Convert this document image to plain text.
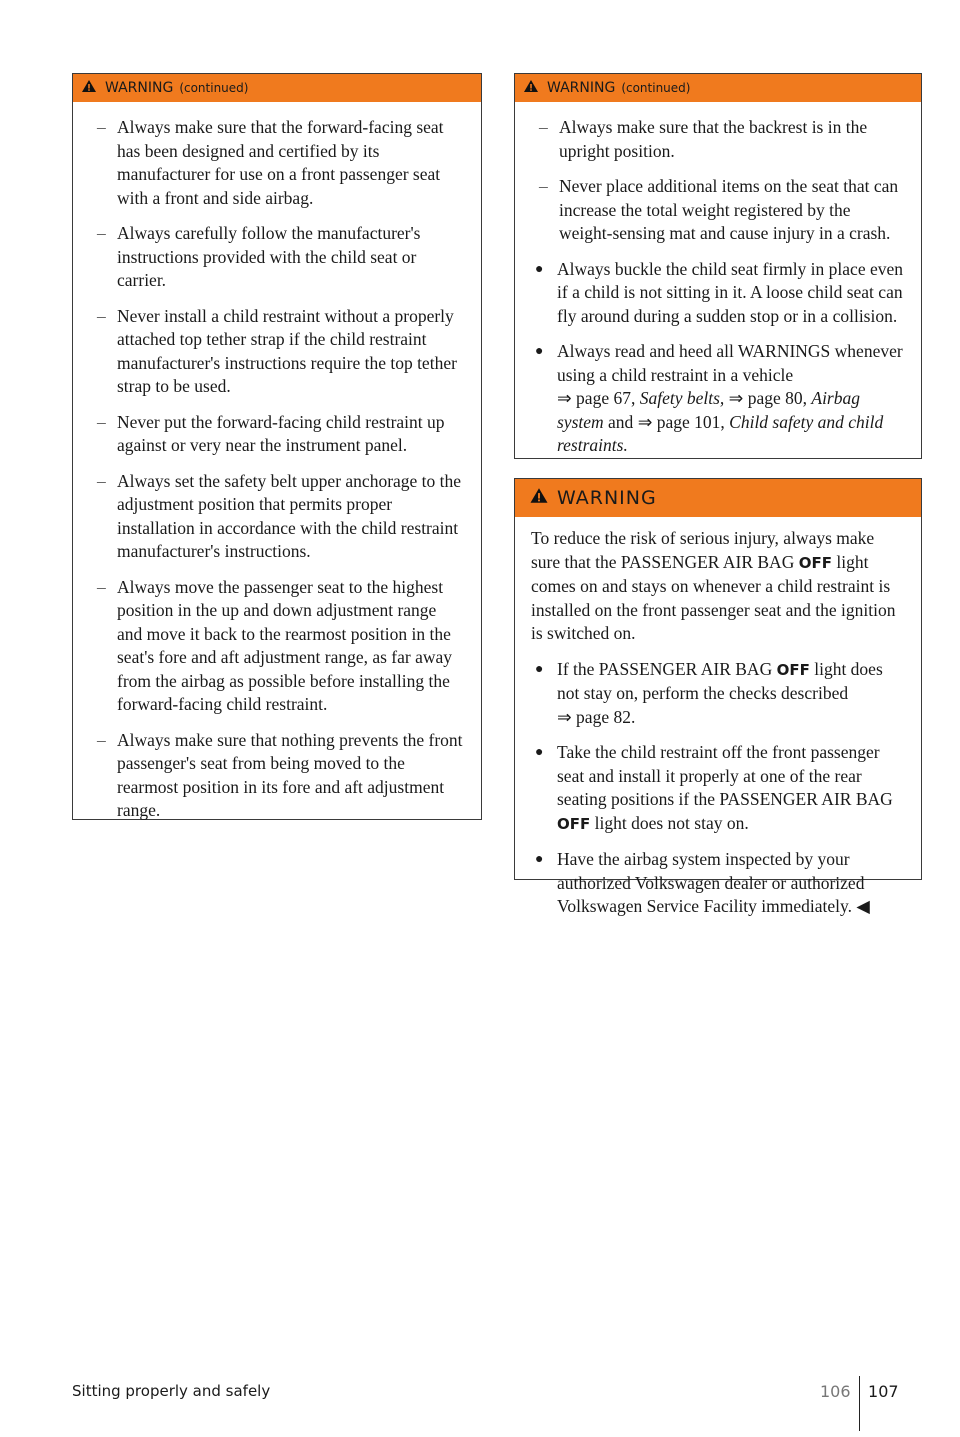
WARNING (continued)

– Always make sure that the forward-facing seat has been designed and certified by its manufacturer for use on a front passenger seat with a front and side airbag.

– Always carefully follow the manufacturer's instructions provided with the child seat or carrier.

– Never install a child restraint without a properly attached top tether strap if the child restraint manufacturer's instructions require the top tether strap to be used.

– Never put the forward-facing child restraint up against or very near the instrument panel.

– Always set the safety belt upper anchorage to the adjustment position that permits proper installation in accordance with the child restraint manufacturer's instructions.

– Always move the passenger seat to the highest position in the up and down adjustment range and move it back to the rearmost position in the seat's fore and aft adjustment range, as far away from the airbag as possible before installing the forward-facing child restraint.

– Always make sure that nothing prevents the front passenger's seat from being moved to the rearmost position in its fore and aft adjustment range.

WARNING (continued)

– Always make sure that the backrest is in the upright position.

– Never place additional items on the seat that can increase the total weight registered by the weight-sensing mat and cause injury in a crash.

● Always buckle the child seat firmly in place even if a child is not sitting in it. A loose child seat can fly around during a sudden stop or in a collision.

● Always read and heed all WARNINGS whenever using a child restraint in a vehicle
⇒ page 67, Safety belts, ⇒ page 80, Airbag system and ⇒ page 101, Child safety and child restraints.

WARNING

To reduce the risk of serious injury, always make sure that the PASSENGER AIR BAG OFF light comes on and stays on whenever a child restraint is installed on the front passenger seat and the ignition is switched on.

● If the PASSENGER AIR BAG OFF light does not stay on, perform the checks described
⇒ page 82.

● Take the child restraint off the front passenger seat and install it properly at one of the rear seating positions if the PASSENGER AIR BAG OFF light does not stay on.

● Have the airbag system inspected by your authorized Volkswagen dealer or authorized Volkswagen Service Facility immediately. ◀

Sitting properly and safely	106 107
